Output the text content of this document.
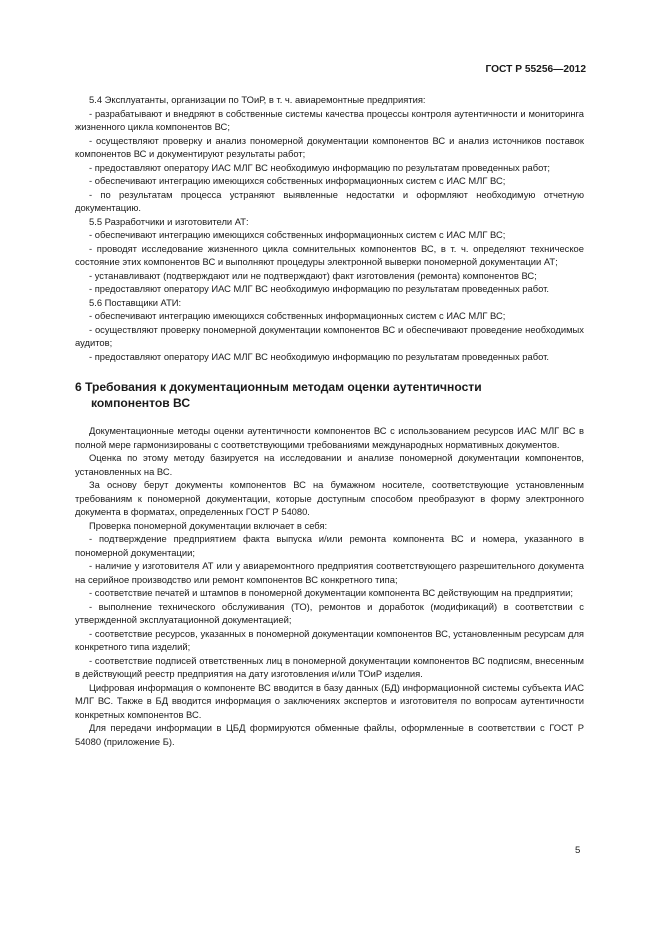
ГОСТ Р 55256—2012

5.4 Эксплуатанты, организации по ТОиР, в т. ч. авиаремонтные предприятия:

- разрабатывают и внедряют в собственные системы качества процессы контроля аутентичности и мониторинга жизненного цикла компонентов ВС;

- осуществляют проверку и анализ пономерной документации компонентов ВС и анализ источников поставок компонентов ВС и документируют результаты работ;

- предоставляют оператору ИАС МЛГ ВС необходимую информацию по результатам проведенных работ;

- обеспечивают интеграцию имеющихся собственных информационных систем с ИАС МЛГ ВС;

- по результатам процесса устраняют выявленные недостатки и оформляют необходимую отчетную документацию.

5.5 Разработчики и изготовители АТ:

- обеспечивают интеграцию имеющихся собственных информационных систем с ИАС МЛГ ВС;

- проводят исследование жизненного цикла сомнительных компонентов ВС, в т. ч. определяют техническое состояние этих компонентов ВС и выполняют процедуры электронной выверки пономерной документации АТ;

- устанавливают (подтверждают или не подтверждают) факт изготовления (ремонта) компонентов ВС;

- предоставляют оператору ИАС МЛГ ВС необходимую информацию по результатам проведенных работ.

5.6 Поставщики АТИ:

- обеспечивают интеграцию имеющихся собственных информационных систем с ИАС МЛГ ВС;

- осуществляют проверку пономерной документации компонентов ВС и обеспечивают проведение необходимых аудитов;

- предоставляют оператору ИАС МЛГ ВС необходимую информацию по результатам проведенных работ.

6 Требования к документационным методам оценки аутентичности
компонентов ВС

Документационные методы оценки аутентичности компонентов ВС с использованием ресурсов ИАС МЛГ ВС в полной мере гармонизированы с соответствующими требованиями международных нормативных документов.

Оценка по этому методу базируется на исследовании и анализе пономерной документации компонентов, установленных на ВС.

За основу берут документы компонентов ВС на бумажном носителе, соответствующие установленным требованиям к пономерной документации, которые доступным способом преобразуют в форму электронного документа в форматах, определенных ГОСТ Р 54080.

Проверка пономерной документации включает в себя:

- подтверждение предприятием факта выпуска и/или ремонта компонента ВС и номера, указанного в пономерной документации;

- наличие у изготовителя АТ или у авиаремонтного предприятия соответствующего разрешительного документа на серийное производство или ремонт компонентов ВС конкретного типа;

- соответствие печатей и штампов в пономерной документации компонента ВС действующим на предприятии;

- выполнение технического обслуживания (ТО), ремонтов и доработок (модификаций) в соответствии с утвержденной эксплуатационной документацией;

- соответствие ресурсов, указанных в пономерной документации компонентов ВС, установленным ресурсам для конкретного типа изделий;

- соответствие подписей ответственных лиц в пономерной документации компонентов ВС подписям, внесенным в действующий реестр предприятия на дату изготовления и/или ТОиР изделия.

Цифровая информация о компоненте ВС вводится в базу данных (БД) информационной системы субъекта ИАС МЛГ ВС. Также в БД вводится информация о заключениях экспертов и изготовителя по вопросам аутентичности конкретных компонентов ВС.

Для передачи информации в ЦБД формируются обменные файлы, оформленные в соответствии с ГОСТ Р 54080 (приложение Б).

5
